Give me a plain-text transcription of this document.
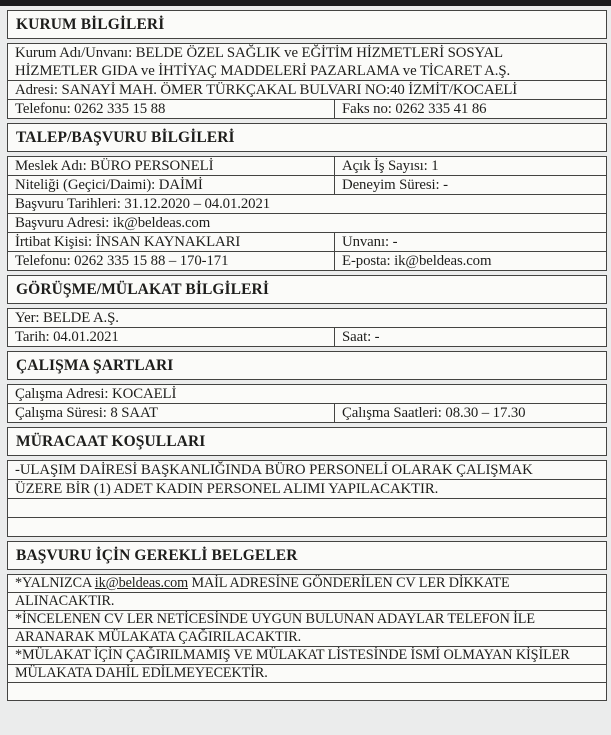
KURUM BİLGİLERİ
Kurum Adı/Unvanı: BELDE ÖZEL SAĞLIK ve EĞİTİM HİZMETLERİ SOSYAL
HİZMETLER GIDA ve İHTİYAÇ MADDELERİ PAZARLAMA ve TİCARET A.Ş.
Adresi: SANAYİ MAH. ÖMER TÜRKÇAKAL BULVARI NO:40 İZMİT/KOCAELİ
Telefonu: 0262 335 15 88	Faks no: 0262 335 41 86
TALEP/BAŞVURU BİLGİLERİ
Meslek Adı: BÜRO PERSONELİ	Açık İş Sayısı: 1
Niteliği (Geçici/Daimi): DAİMİ	Deneyim Süresi: -
Başvuru Tarihleri: 31.12.2020 – 04.01.2021
Başvuru Adresi: ik@beldeas.com
İrtibat Kişisi: İNSAN KAYNAKLARI	Unvanı: -
Telefonu: 0262 335 15 88 – 170-171	E-posta: ik@beldeas.com
GÖRÜŞME/MÜLAKAT BİLGİLERİ
Yer: BELDE A.Ş.
Tarih: 04.01.2021	Saat: -
ÇALIŞMA ŞARTLARI
Çalışma Adresi: KOCAELİ
Çalışma Süresi: 8 SAAT	Çalışma Saatleri: 08.30 – 17.30
MÜRACAAT KOŞULLARI
-ULAŞIM DAİRESİ BAŞKANLIĞINDA BÜRO PERSONELİ OLARAK ÇALIŞMAK
ÜZERE BİR (1) ADET KADIN PERSONEL ALIMI YAPILACAKTIR.
BAŞVURU İÇİN GEREKLİ BELGELER
*YALNIZCA ik@beldeas.com MAİL ADRESİNE GÖNDERİLEN CV LER DİKKATE
ALINACAKTIR.
*İNCELENEN CV LER NETİCESİNDE UYGUN BULUNAN ADAYLAR TELEFON İLE
ARANARAK MÜLAKATA ÇAĞIRILACAKTIR.
*MÜLAKAT İÇİN ÇAĞIRILMAMIŞ VE MÜLAKAT LİSTESİNDE İSMİ OLMAYAN KİŞİLER
MÜLAKATA DAHİL EDİLMEYECEKTİR.
